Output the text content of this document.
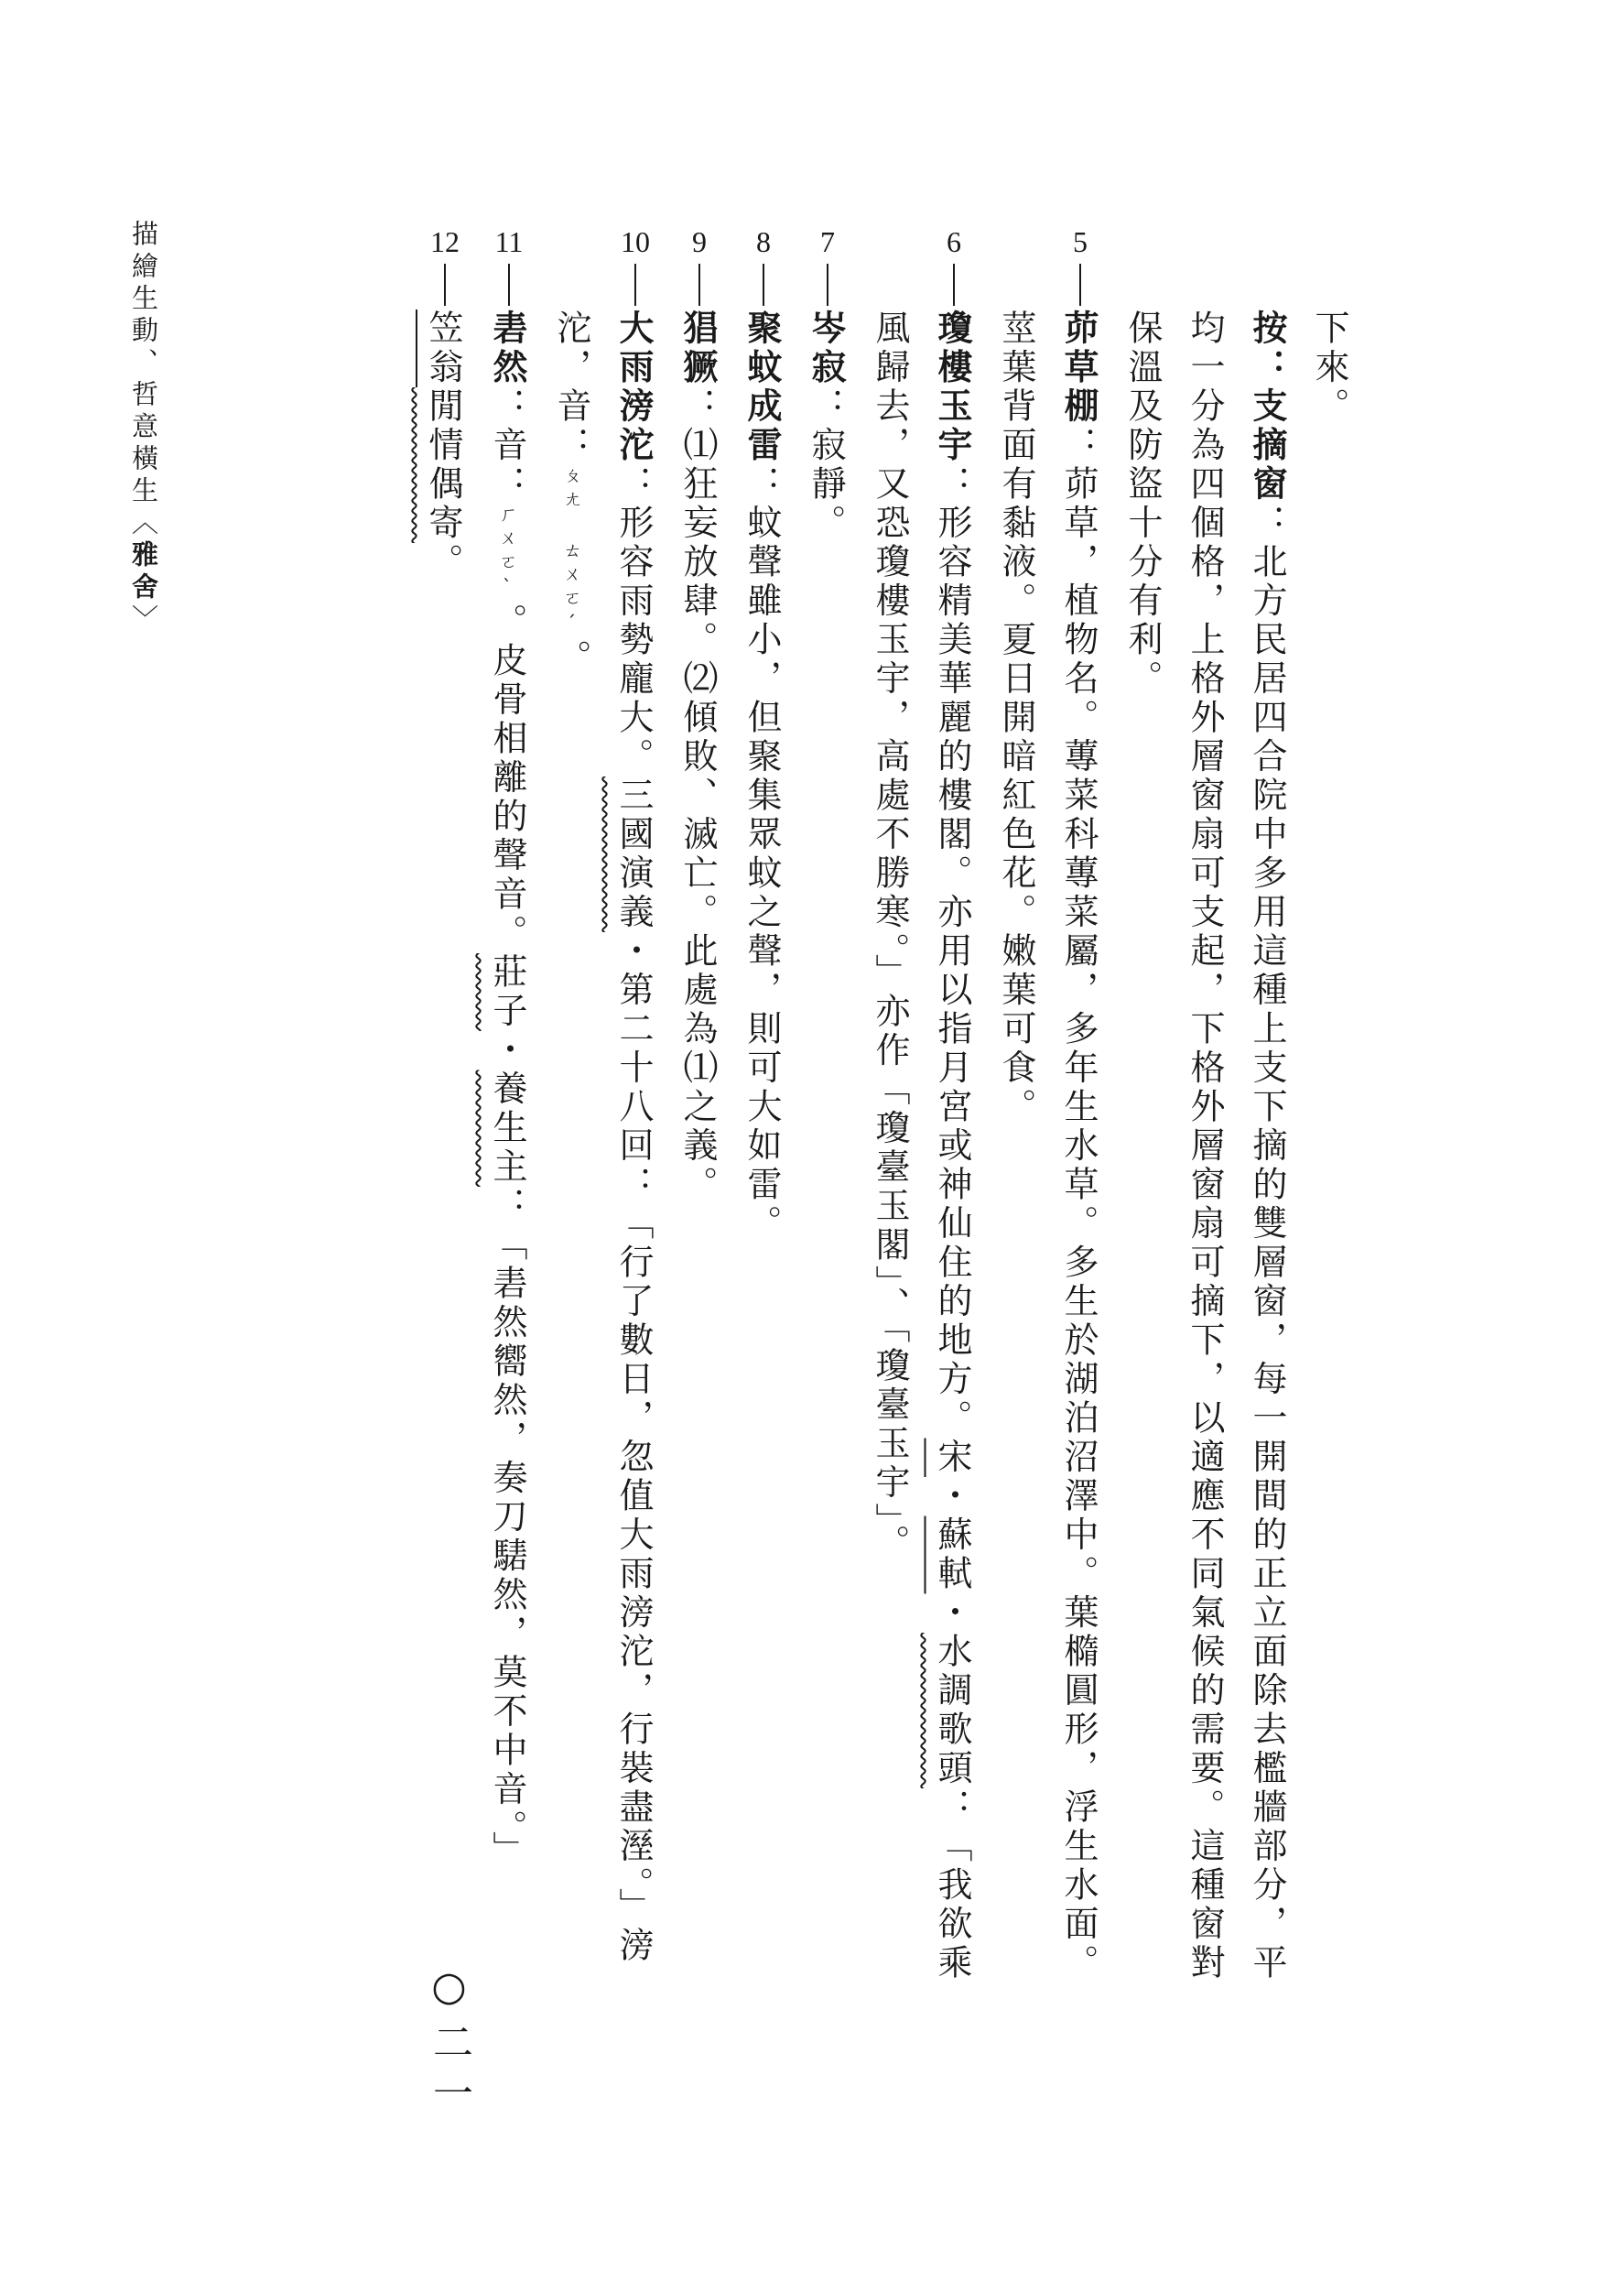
下來。
按：支摘窗：北方民居四合院中多用這種上支下摘的雙層窗，每一開間的正立面除去檻牆部分，平
均一分為四個格，上格外層窗扇可支起，下格外層窗扇可摘下，以適應不同氣候的需要。這種窗對
保溫及防盜十分有利。
茆草棚：茆草，植物名。蓴菜科蓴菜屬，多年生水草。多生於湖泊沼澤中。葉橢圓形，浮生水面。
莖葉背面有黏液。夏日開暗紅色花。嫩葉可食。
瓊樓玉宇：形容精美華麗的樓閣。亦用以指月宮或神仙住的地方。宋・蘇軾・水調歌頭：「我欲乘
風歸去，又恐瓊樓玉宇，高處不勝寒。」亦作「瓊臺玉閣」、「瓊臺玉宇」。
岑寂：寂靜。
聚蚊成雷：蚊聲雖小，但聚集眾蚊之聲，則可大如雷。
猖獗：⑴狂妄放肆。⑵傾敗、滅亡。此處為⑴之義。
大雨滂沱：形容雨勢龐大。三國演義・第二十八回：「行了數日，忽值大雨滂沱，行裝盡溼。」滂
沱，音：ㄆㄤ ㄊㄨㄛˊ。
砉然：音：ㄏㄨㄛˋ。皮骨相離的聲音。莊子・養生主：「砉然嚮然，奏刀騞然，莫不中音。」
笠翁閒情偶寄。
5
6
7
8
9
10
11
12
描繪生動、哲意橫生〈雅舍〉
○二一
